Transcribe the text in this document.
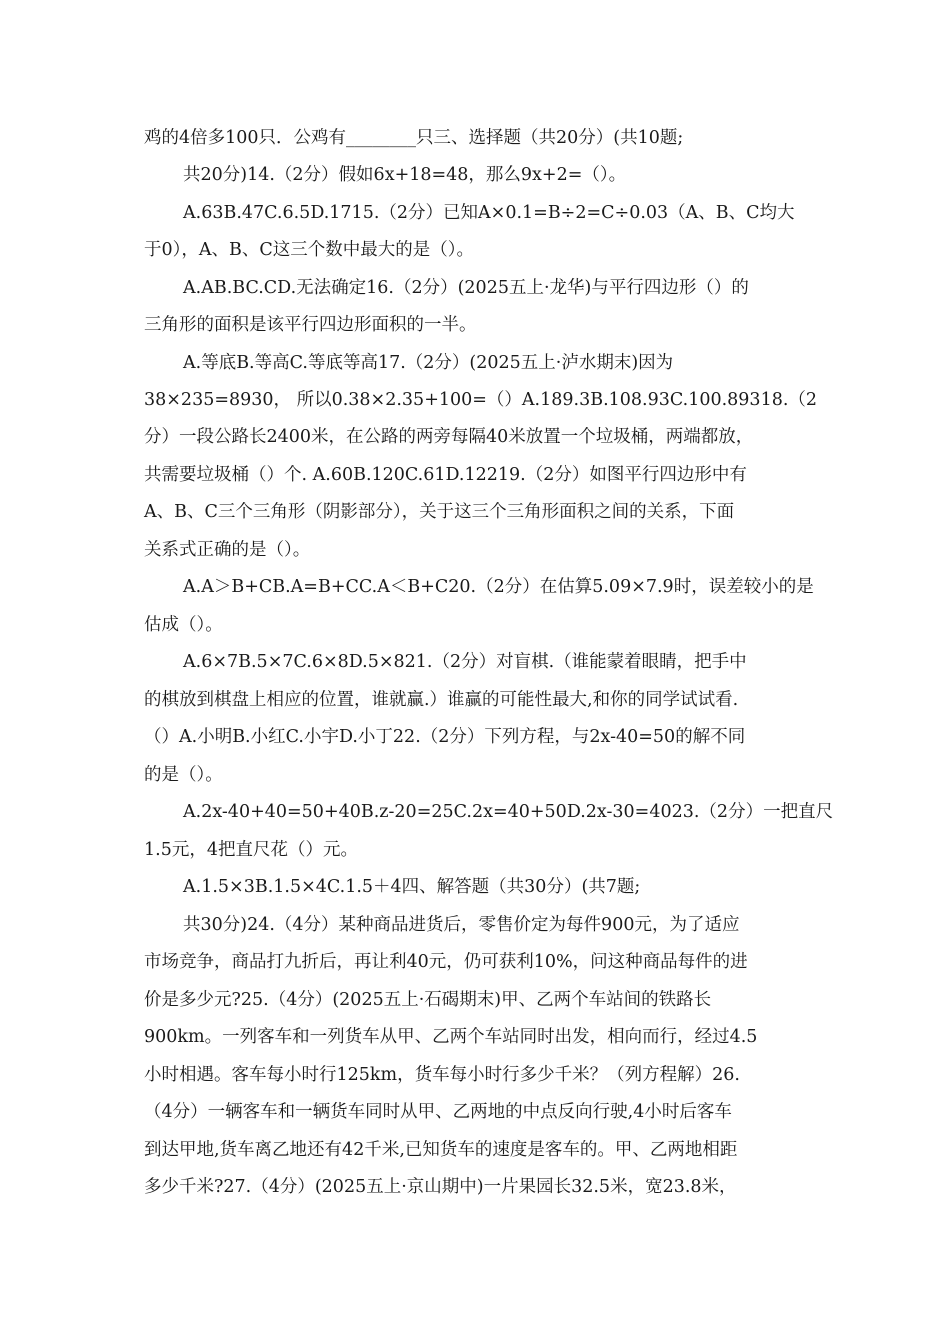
鸡的4倍多100只．公鸡有________只三、选择题（共20分）(共10题;
共20分)14.（2分）假如6x+18=48，那么9x+2=（）。
A.63B.47C.6.5D.1715.（2分）已知A×0.1=B÷2=C÷0.03（A、B、C均大
于0），A、B、C这三个数中最大的是（）。
A.AB.BC.CD.无法确定16.（2分）(2025五上·龙华)与平行四边形（）的
三角形的面积是该平行四边形面积的一半。
A.等底B.等高C.等底等高17.（2分）(2025五上·泸水期末)因为
38×235=8930， 所以0.38×2.35+100=（）A.189.3B.108.93C.100.89318.（2
分）一段公路长2400米，在公路的两旁每隔40米放置一个垃圾桶，两端都放，
共需要垃圾桶（）个. A.60B.120C.61D.12219.（2分）如图平行四边形中有
A、B、C三个三角形（阴影部分），关于这三个三角形面积之间的关系，下面
关系式正确的是（）。
A.A＞B+CB.A=B+CC.A＜B+C20.（2分）在估算5.09×7.9时，误差较小的是
估成（）。
A.6×7B.5×7C.6×8D.5×821.（2分）对盲棋.（谁能蒙着眼睛，把手中
的棋放到棋盘上相应的位置，谁就赢.）谁赢的可能性最大,和你的同学试试看.
（）A.小明B.小红C.小宇D.小丁22.（2分）下列方程，与2x-40=50的解不同
的是（）。
A.2x-40+40=50+40B.z-20=25C.2x=40+50D.2x-30=4023.（2分）一把直尺
1.5元，4把直尺花（）元。
A.1.5×3B.1.5×4C.1.5＋4四、解答题（共30分）(共7题;
共30分)24.（4分）某种商品进货后，零售价定为每件900元，为了适应
市场竞争，商品打九折后，再让利40元，仍可获利10%，问这种商品每件的进
价是多少元?25.（4分）(2025五上·石碣期末)甲、乙两个车站间的铁路长
900km。一列客车和一列货车从甲、乙两个车站同时出发，相向而行，经过4.5
小时相遇。客车每小时行125km，货车每小时行多少千米？（列方程解）26.
（4分）一辆客车和一辆货车同时从甲、乙两地的中点反向行驶,4小时后客车
到达甲地,货车离乙地还有42千米,已知货车的速度是客车的。甲、乙两地相距
多少千米?27.（4分）(2025五上·京山期中)一片果园长32.5米，宽23.8米，
